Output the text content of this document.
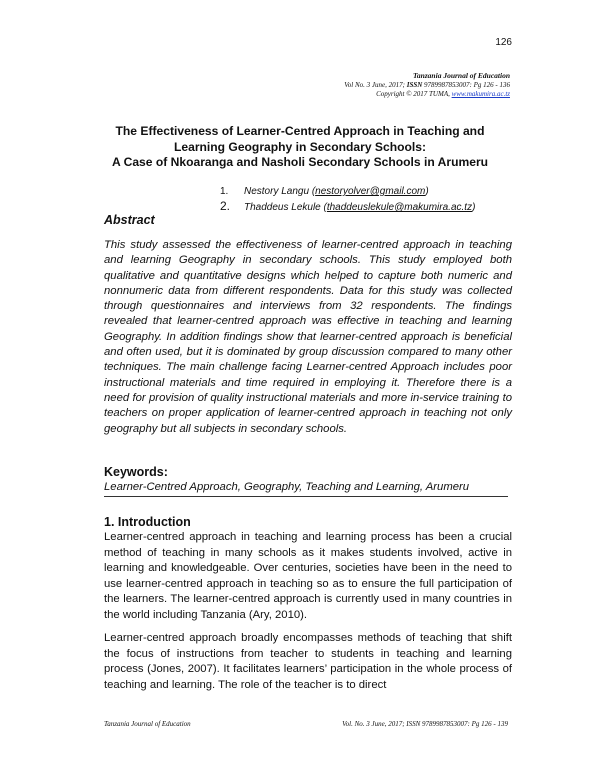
126
Tanzania Journal of Education
Vol No. 3 June, 2017; ISSN 9789987853007: Pg 126 - 136
Copyright © 2017 TUMA, www.makumira.ac.tz
The Effectiveness of Learner-Centred Approach in Teaching and
Learning Geography in Secondary Schools:
A Case of Nkoaranga and Nasholi Secondary Schools in Arumeru
1. Nestory Langu (nestoryolver@gmail.com)
2. Thaddeus Lekule (thaddeuslekule@makumira.ac.tz)
Abstract
This study assessed the effectiveness of learner-centred approach in teaching and learning Geography in secondary schools. This study employed both qualitative and quantitative designs which helped to capture both numeric and nonnumeric data from different respondents. Data for this study was collected through questionnaires and interviews from 32 respondents. The findings revealed that learner-centred approach was effective in teaching and learning Geography. In addition findings show that learner-centred approach is beneficial and often used, but it is dominated by group discussion compared to many other techniques. The main challenge facing Learner-centred Approach includes poor instructional materials and time required in employing it. Therefore there is a need for provision of quality instructional materials and more in-service training to teachers on proper application of learner-centred approach in teaching not only geography but all subjects in secondary schools.
Keywords:
Learner-Centred Approach, Geography, Teaching and Learning, Arumeru
1. Introduction
Learner-centred approach in teaching and learning process has been a crucial method of teaching in many schools as it makes students involved, active in learning and knowledgeable. Over centuries, societies have been in the need to use learner-centred approach in teaching so as to ensure the full participation of the learners. The learner-centred approach is currently used in many countries in the world including Tanzania (Ary, 2010).
Learner-centred approach broadly encompasses methods of teaching that shift the focus of instructions from teacher to students in teaching and learning process (Jones, 2007). It facilitates learners’ participation in the whole process of teaching and learning. The role of the teacher is to direct
Tanzania Journal of Education	Vol. No. 3 June, 2017; ISSN 9789987853007: Pg 126 - 139
